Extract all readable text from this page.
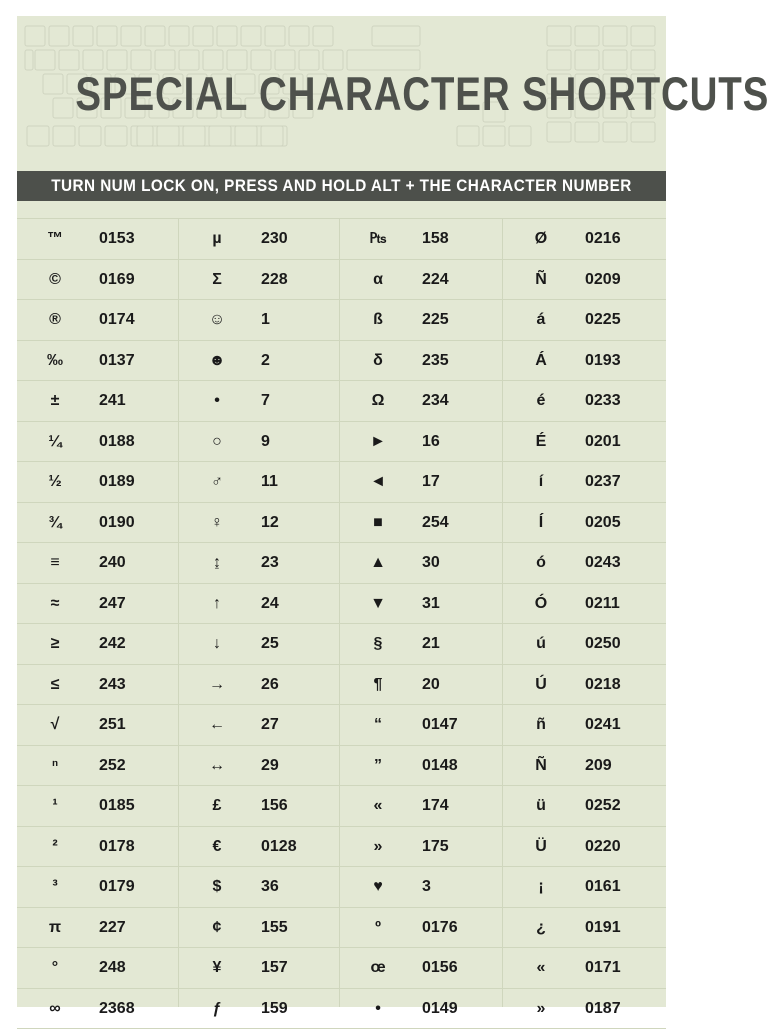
SPECIAL CHARACTER SHORTCUTS
TURN NUM LOCK ON, PRESS AND HOLD ALT + THE CHARACTER NUMBER
™	0153	µ	230	₧	158	Ø	0216
©	0169	Σ	228	α	224	Ñ	0209
®	0174	☺	1	ß	225	á	0225
‰	0137	☻	2	δ	235	Á	0193
±	241	•	7	Ω	234	é	0233
¼	0188	○	9	►	16	É	0201
½	0189	♂	11	◄	17	í	0237
¾	0190	♀	12	■	254	Í	0205
≡	240	↨	23	▲	30	ó	0243
≈	247	↑	24	▼	31	Ó	0211
≥	242	↓	25	§	21	ú	0250
≤	243	→	26	¶	20	Ú	0218
√	251	←	27	“	0147	ñ	0241
ⁿ	252	↔	29	”	0148	Ñ	209
¹	0185	£	156	«	174	ü	0252
²	0178	€	0128	»	175	Ü	0220
³	0179	$	36	♥	3	¡	0161
π	227	¢	155	º	0176	¿	0191
°	248	¥	157	œ	0156	«	0171
∞	2368	ƒ	159	•	0149	»	0187
